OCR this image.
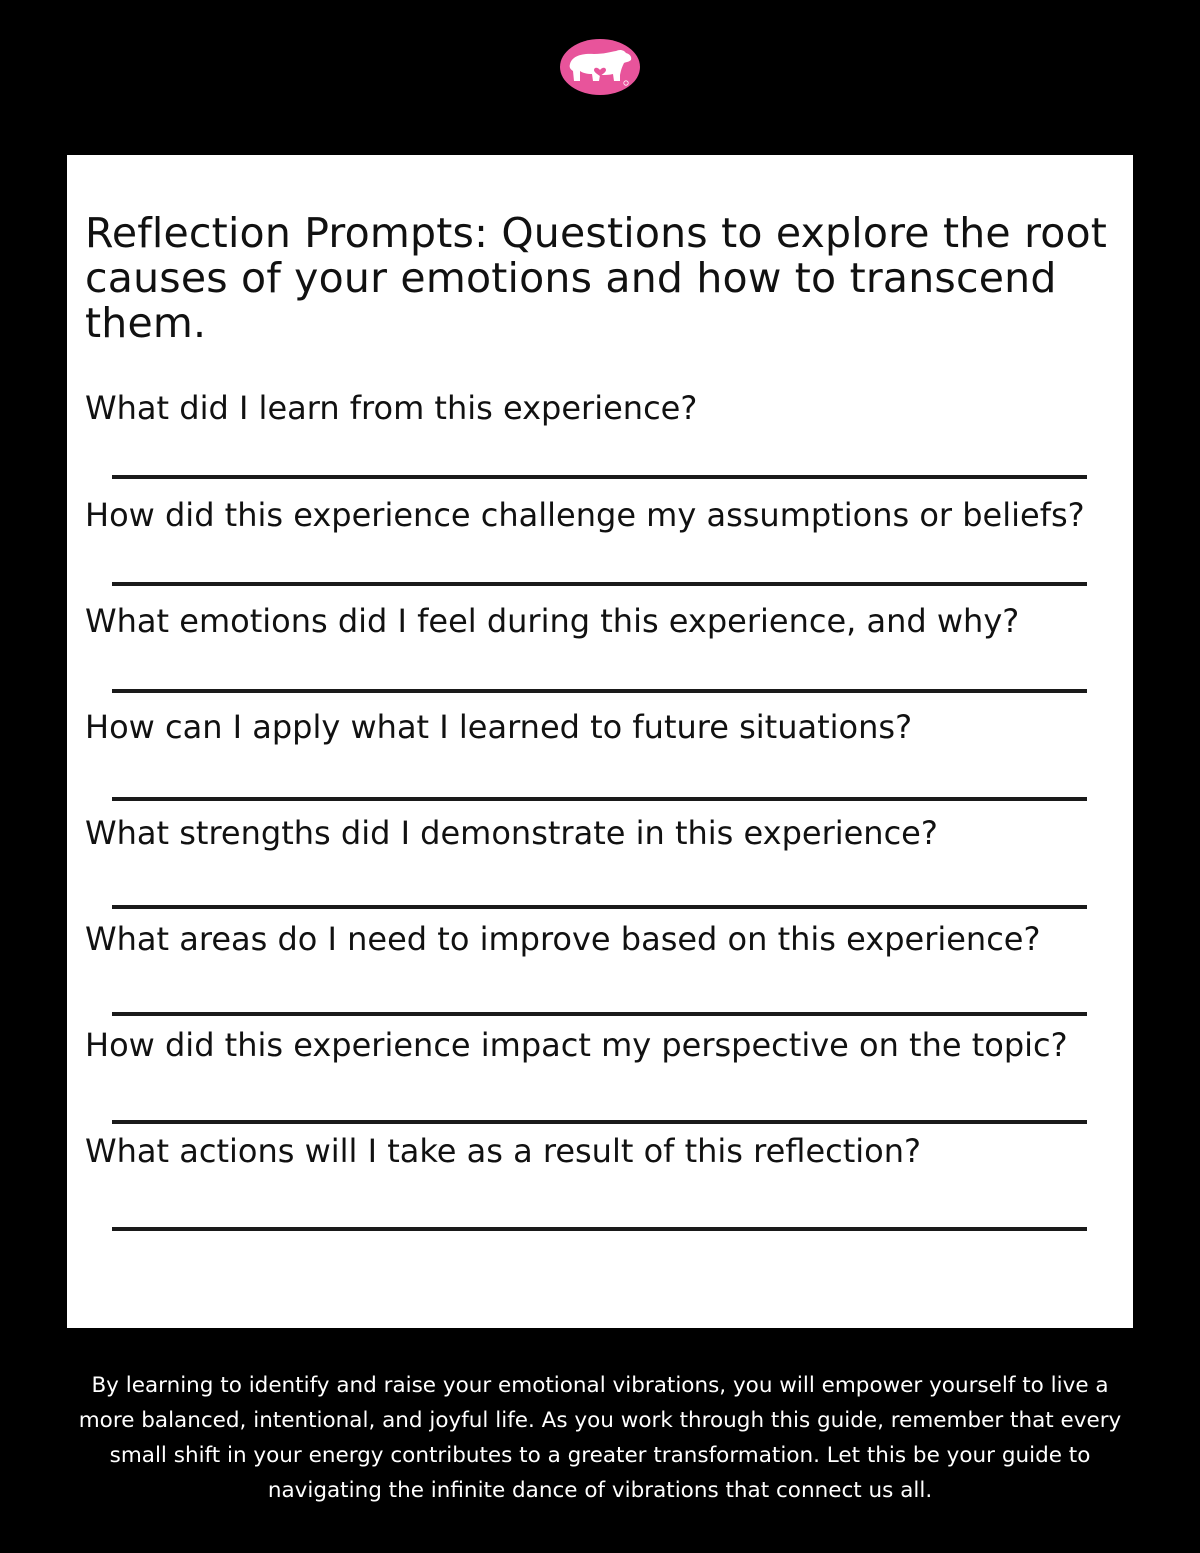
Reflection Prompts: Questions to explore the root causes of your emotions and how to transcend them.

What did I learn from this experience?

How did this experience challenge my assumptions or beliefs?

What emotions did I feel during this experience, and why?

How can I apply what I learned to future situations?

What strengths did I demonstrate in this experience?

What areas do I need to improve based on this experience?

How did this experience impact my perspective on the topic?

What actions will I take as a result of this reflection?

By learning to identify and raise your emotional vibrations, you will empower yourself to live a more balanced, intentional, and joyful life. As you work through this guide, remember that every small shift in your energy contributes to a greater transformation. Let this be your guide to navigating the infinite dance of vibrations that connect us all.
